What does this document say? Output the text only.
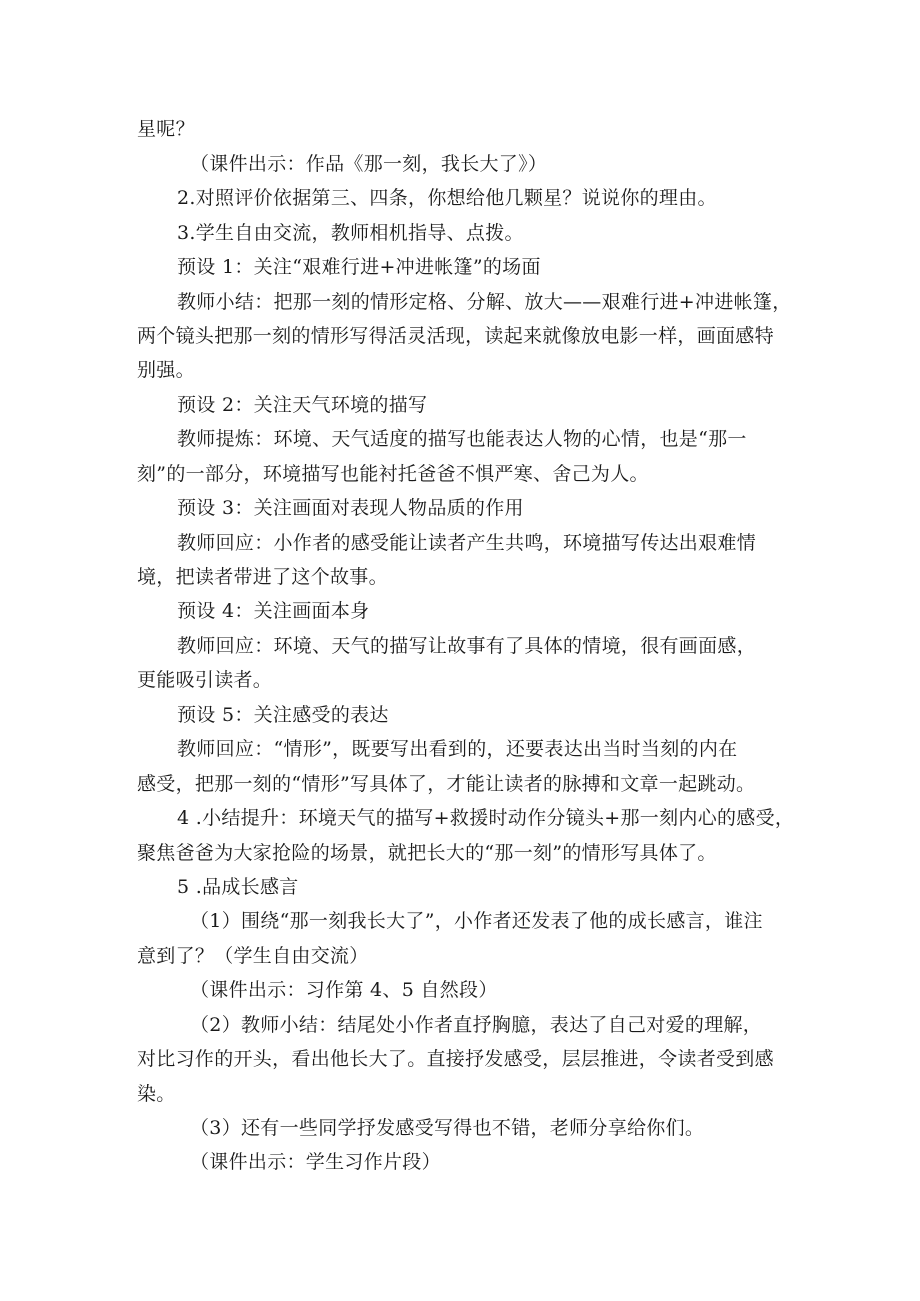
星呢？
（课件出示：作品《那一刻，我长大了》）
2.对照评价依据第三、四条，你想给他几颗星？说说你的理由。
3.学生自由交流，教师相机指导、点拨。
预设 1：关注“艰难行进+冲进帐篷”的场面
教师小结：把那一刻的情形定格、分解、放大——艰难行进+冲进帐篷，
两个镜头把那一刻的情形写得活灵活现，读起来就像放电影一样，画面感特
别强。
预设 2：关注天气环境的描写
教师提炼：环境、天气适度的描写也能表达人物的心情，也是“那一
刻”的一部分，环境描写也能衬托爸爸不惧严寒、舍己为人。
预设 3：关注画面对表现人物品质的作用
教师回应：小作者的感受能让读者产生共鸣，环境描写传达出艰难情
境，把读者带进了这个故事。
预设 4：关注画面本身
教师回应：环境、天气的描写让故事有了具体的情境，很有画面感，
更能吸引读者。
预设 5：关注感受的表达
教师回应：“情形”，既要写出看到的，还要表达出当时当刻的内在
感受，把那一刻的“情形”写具体了，才能让读者的脉搏和文章一起跳动。
4 .小结提升：环境天气的描写+救援时动作分镜头+那一刻内心的感受，
聚焦爸爸为大家抢险的场景，就把长大的“那一刻”的情形写具体了。
5 .品成长感言
（1）围绕“那一刻我长大了”，小作者还发表了他的成长感言，谁注
意到了？（学生自由交流）
（课件出示：习作第 4、5 自然段）
（2）教师小结：结尾处小作者直抒胸臆，表达了自己对爱的理解，
对比习作的开头，看出他长大了。直接抒发感受，层层推进，令读者受到感
染。
（3）还有一些同学抒发感受写得也不错，老师分享给你们。
（课件出示：学生习作片段）
